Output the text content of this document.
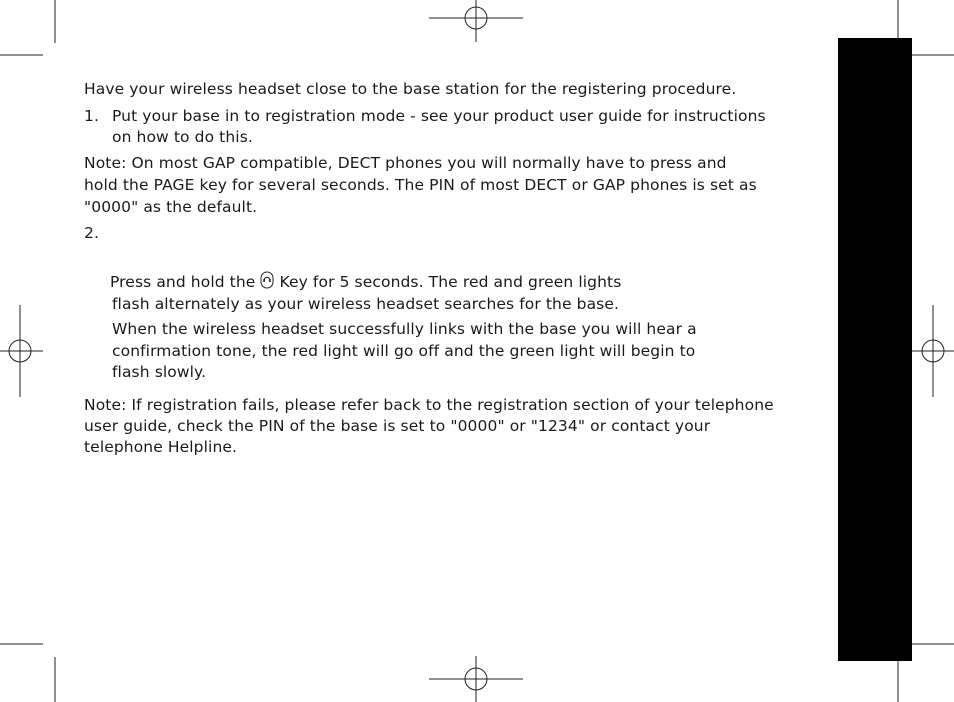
Have your wireless headset close to the base station for the registering procedure.
1. Put your base in to registration mode - see your product user guide for instructions
on how to do this.
Note: On most GAP compatible, DECT phones you will normally have to press and
hold the PAGE key for several seconds. The PIN of most DECT or GAP phones is set as
"0000" as the default.
2.
Press and hold the Key for 5 seconds. The red and green lights
flash alternately as your wireless headset searches for the base.
When the wireless headset successfully links with the base you will hear a
confirmation tone, the red light will go off and the green light will begin to
flash slowly.
Note: If registration fails, please refer back to the registration section of your telephone
user guide, check the PIN of the base is set to "0000" or "1234" or contact your
telephone Helpline.
